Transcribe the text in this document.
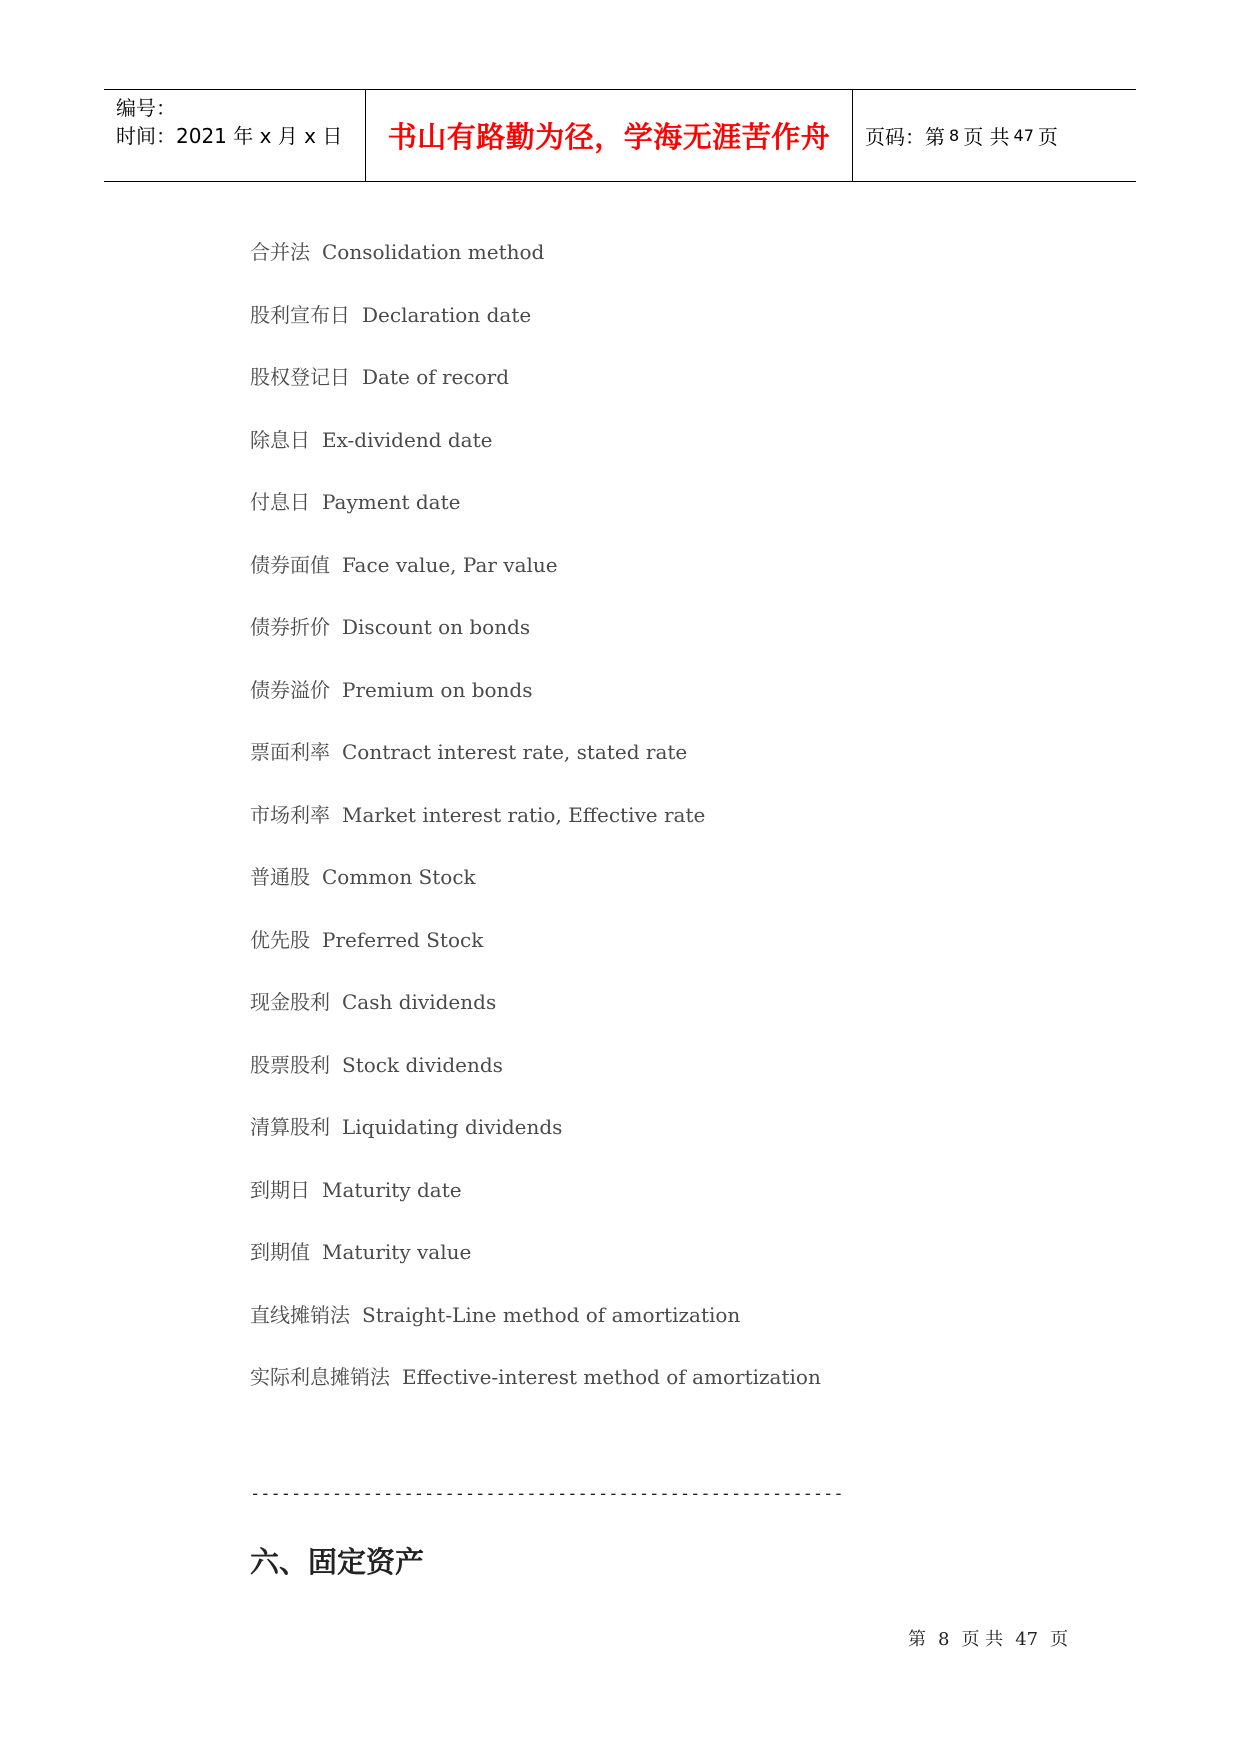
编号：
时间：2021 年 x 月 x 日 书山有路勤为径，学海无涯苦作舟 页码：第 8 页 共 47 页
合并法 Consolidation method
股利宣布日 Declaration date
股权登记日 Date of record
除息日 Ex-dividend date
付息日 Payment date
债券面值 Face value, Par value
债券折价 Discount on bonds
债券溢价 Premium on bonds
票面利率 Contract interest rate, stated rate
市场利率 Market interest ratio, Effective rate
普通股 Common Stock
优先股 Preferred Stock
现金股利 Cash dividends
股票股利 Stock dividends
清算股利 Liquidating dividends
到期日 Maturity date
到期值 Maturity value
直线摊销法 Straight-Line method of amortization
实际利息摊销法 Effective-interest method of amortization
----------------------------------------------------------
六、固定资产
第 8 页 共 47 页
